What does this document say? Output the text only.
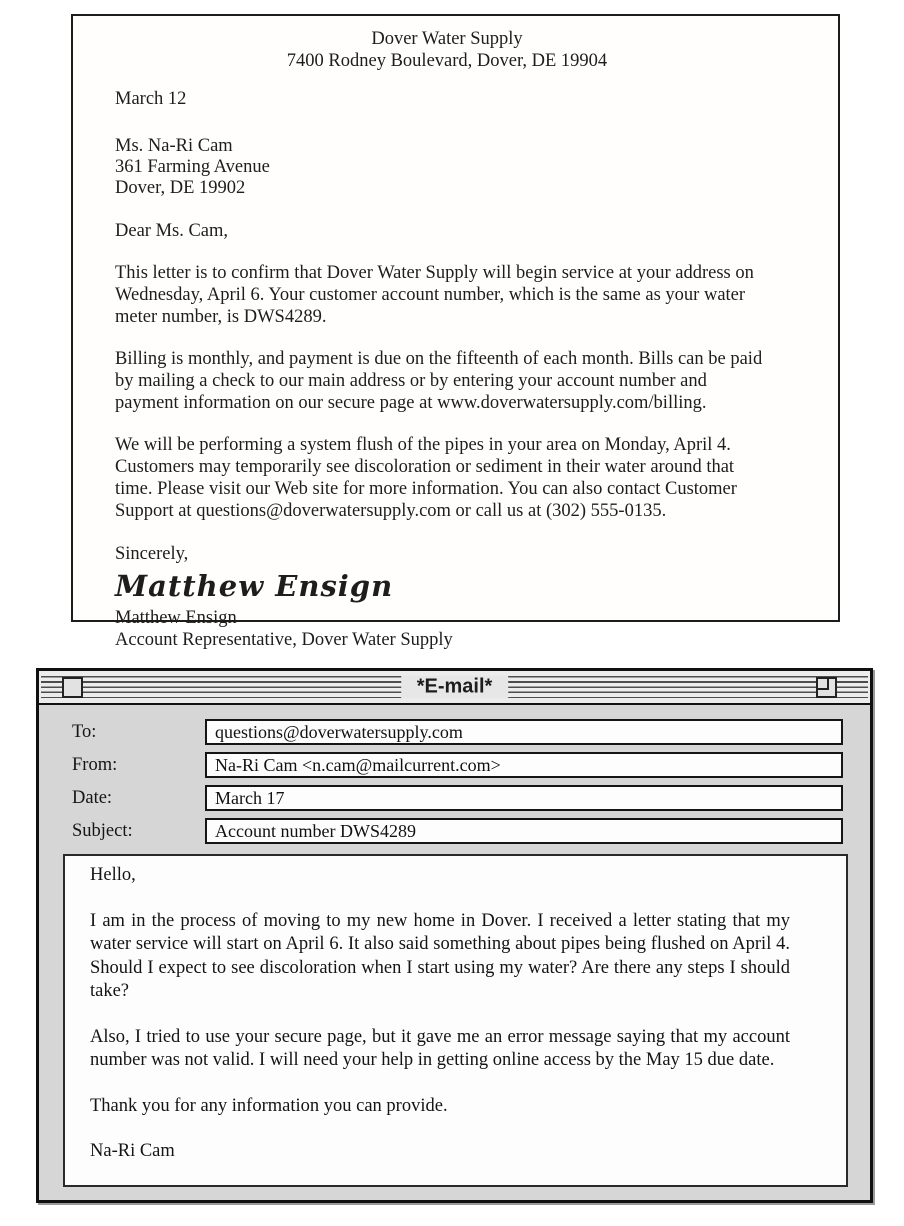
Dover Water Supply
7400 Rodney Boulevard, Dover, DE 19904
March 12
Ms. Na-Ri Cam
361 Farming Avenue
Dover, DE 19902
Dear Ms. Cam,

This letter is to confirm that Dover Water Supply will begin service at your address on Wednesday, April 6. Your customer account number, which is the same as your water meter number, is DWS4289.

Billing is monthly, and payment is due on the fifteenth of each month. Bills can be paid by mailing a check to our main address or by entering your account number and payment information on our secure page at www.doverwatersupply.com/billing.

We will be performing a system flush of the pipes in your area on Monday, April 4. Customers may temporarily see discoloration or sediment in their water around that time. Please visit our Web site for more information. You can also contact Customer Support at questions@doverwatersupply.com or call us at (302) 555-0135.

Sincerely,
Matthew Ensign
Matthew Ensign
Account Representative, Dover Water Supply
*E-mail*
To:
questions@doverwatersupply.com
From:
Na-Ri Cam <n.cam@mailcurrent.com>
Date:
March 17
Subject:
Account number DWS4289

Hello,

I am in the process of moving to my new home in Dover. I received a letter stating that my water service will start on April 6. It also said something about pipes being flushed on April 4. Should I expect to see discoloration when I start using my water? Are there any steps I should take?

Also, I tried to use your secure page, but it gave me an error message saying that my account number was not valid. I will need your help in getting online access by the May 15 due date.

Thank you for any information you can provide.

Na-Ri Cam
